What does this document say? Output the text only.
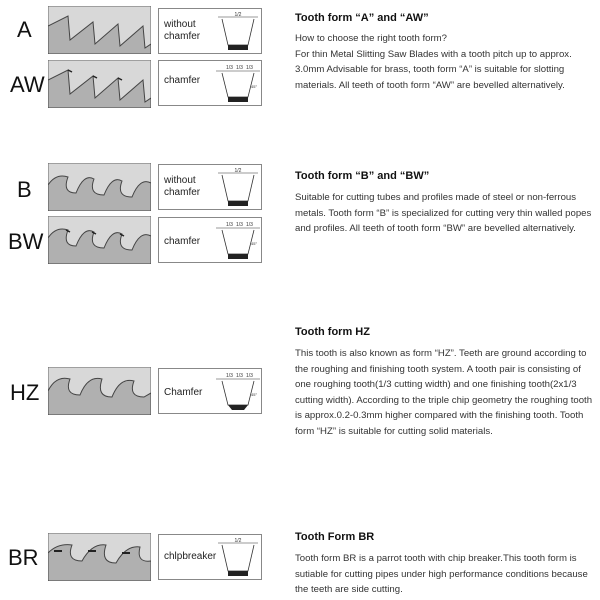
A	without
chamfer
1/2
AW	chamfer
1/3 1/3 1/3
45°
B	without
chamfer
1/2
BW	chamfer
1/3 1/3 1/3
45°
HZ	Chamfer
1/3 1/3 1/3
45°
BR	chlpbreaker
1/2
Tooth form “A” and “AW”

How to choose the right tooth form?

For thin Metal Slitting Saw Blades with a tooth pitch up to approx. 3.0mm Advisable for brass, tooth form “A” is suitable for slotting materials. All teeth of tooth form “AW” are bevelled alternatively.

Tooth form “B” and “BW”

Suitable for cutting tubes and profiles made of steel or non-ferrous metals. Tooth form “B” is specialized for cutting very thin walled popes and profiles. All teeth of tooth form “BW” are bevelled alternatively.

Tooth form HZ

This tooth is also known as form “HZ”. Teeth are ground according to the roughing and finishing tooth system. A tooth pair is consisting of one roughing tooth(1/3 cutting width) and one finishing tooth(2x1/3 cutting width). According to the triple chip geometry the roughing tooth is approx.0.2-0.3mm higher compared with the finishing tooth. Tooth form “HZ” is suitable for cutting solid materials.

Tooth Form BR

Tooth form BR is a parrot tooth with chip breaker.This tooth form is sutiable for cutting pipes under high performance conditions because the teeth are side cutting.
